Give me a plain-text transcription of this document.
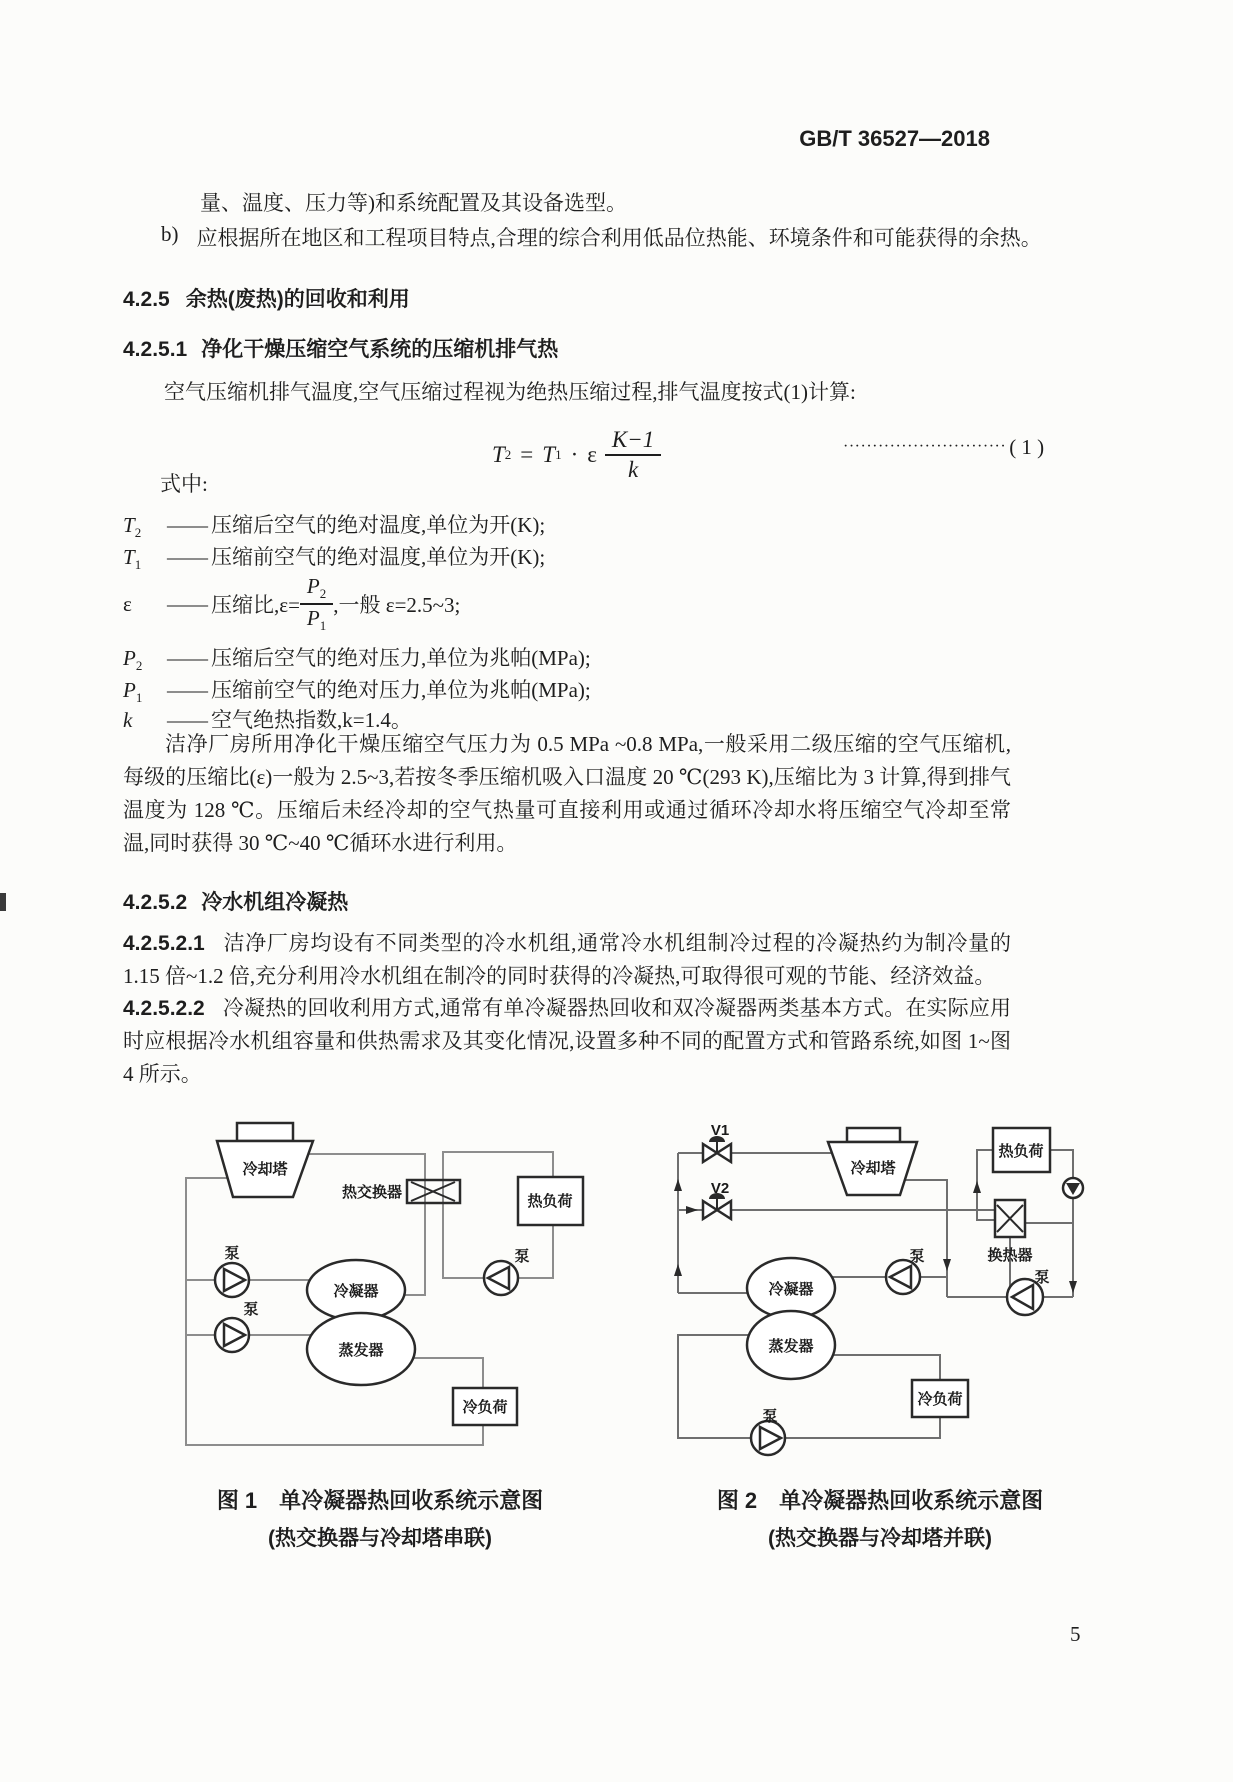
GB/T 36527—2018
量、温度、压力等)和系统配置及其设备选型。
b) 应根据所在地区和工程项目特点,合理的综合利用低品位热能、环境条件和可能获得的余热。
4.2.5 余热(废热)的回收和利用
4.2.5.1 净化干燥压缩空气系统的压缩机排气热
空气压缩机排气温度,空气压缩过程视为绝热压缩过程,排气温度按式(1)计算:
T 2 = T 1 · ε $\frac{K-1}{k}$	···························· ( 1 )
式中:
$T_2$	—— 压缩后空气的绝对温度,单位为开(K);
$T_1$	—— 压缩前空气的绝对温度,单位为开(K);
ε	—— 压缩比$,\varepsilon= \frac{P_2}{P_1}$ ,一般 ε=2.5~3;
$P_2$	—— 压缩后空气的绝对压力,单位为兆帕(MPa);
$P_1$	—— 压缩前空气的绝对压力,单位为兆帕(MPa);
k	—— 空气绝热指数,k=1.4。
洁净厂房所用净化干燥压缩空气压力为 0.5 MPa ~0.8 MPa,一般采用二级压缩的空气压缩机,每级的压缩比(ε)一般为 2.5~3,若按冬季压缩机吸入口温度 20 ℃(293 K),压缩比为 3 计算,得到排气温度为 128 ℃。压缩后未经冷却的空气热量可直接利用或通过循环冷却水将压缩空气冷却至常温,同时获得 30 ℃~40 ℃循环水进行利用。
4.2.5.2 冷水机组冷凝热
4.2.5.2.1 洁净厂房均设有不同类型的冷水机组,通常冷水机组制冷过程的冷凝热约为制冷量的 1.15 倍~1.2 倍,充分利用冷水机组在制冷的同时获得的冷凝热,可取得很可观的节能、经济效益。
4.2.5.2.2 冷凝热的回收利用方式,通常有单冷凝器热回收和双冷凝器两类基本方式。在实际应用时应根据冷水机组容量和供热需求及其变化情况,设置多种不同的配置方式和管路系统,如图 1~图 4 所示。
冷却塔
热交换器
热负荷
冷凝器
蒸发器
泵
泵
泵
冷负荷
V1
V2
冷却塔
热负荷
换热器
冷凝器
蒸发器
泵
泵
泵
冷负荷
图 1　单冷凝器热回收系统示意图
(热交换器与冷却塔串联)
图 2　单冷凝器热回收系统示意图
(热交换器与冷却塔并联)
5
